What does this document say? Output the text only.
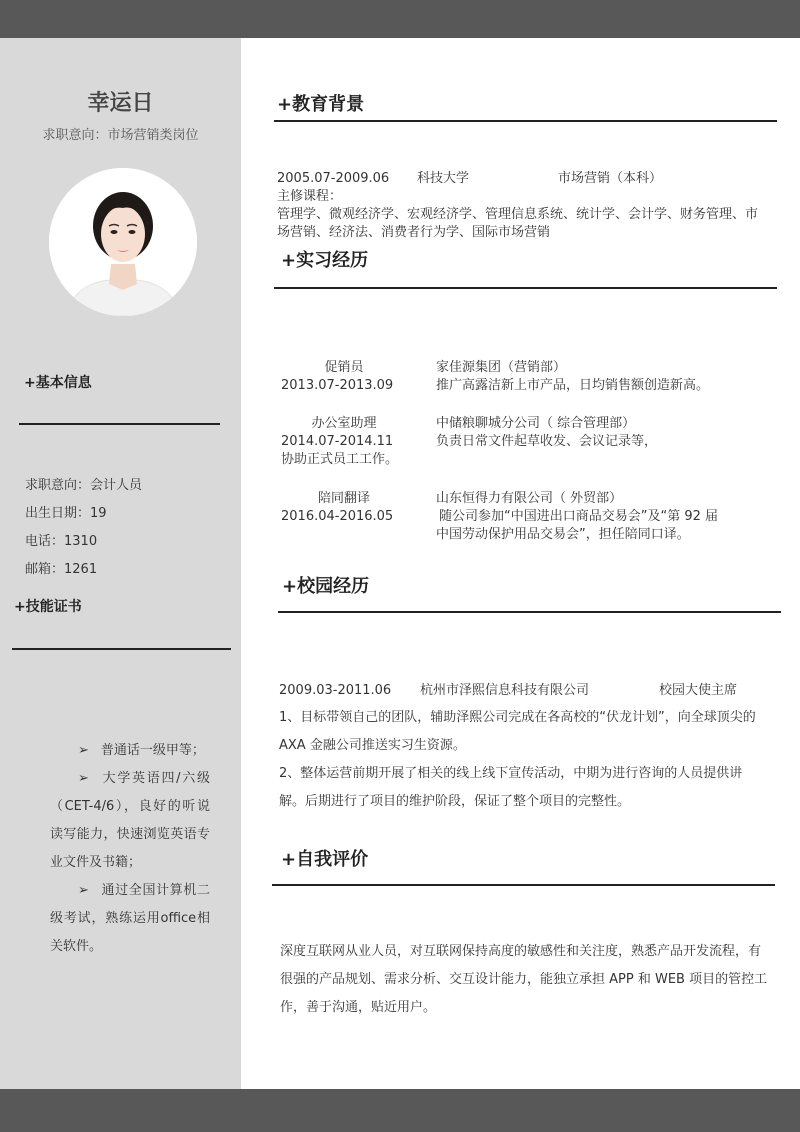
幸运日
求职意向：市场营销类岗位
+基本信息
求职意向：会计人员
出生日期：19
电话：1310
邮箱：1261
+技能证书

➢ 普通话一级甲等；

➢ 大学英语四/六级（CET-4/6），良好的听说读写能力，快速浏览英语专业文件及书籍；

➢ 通过全国计算机二级考试，熟练运用office相关软件。

+教育背景
2005.07-2009.06 科技大学	市场营销（本科）
主修课程：
管理学、微观经济学、宏观经济学、管理信息系统、统计学、会计学、财务管理、市场营销、经济法、消费者行为学、国际市场营销
+实习经历
促销员
2013.07-2013.09
家佳源集团（营销部）
推广高露洁新上市产品，日均销售额创造新高。
办公室助理
2014.07-2014.11
协助正式员工工作。
中储粮聊城分公司（ 综合管理部）
负责日常文件起草收发、会议记录等，
陪同翻译
2016.04-2016.05
山东恒得力有限公司（ 外贸部）
随公司参加“中国进出口商品交易会”及“第 92 届
中国劳动保护用品交易会”，担任陪同口译。
+校园经历
2009.03-2011.06 杭州市泽熙信息科技有限公司	校园大使主席
1、目标带领自己的团队，辅助泽熙公司完成在各高校的“伏龙计划”，向全球顶尖的 AXA 金融公司推送实习生资源。
2、整体运营前期开展了相关的线上线下宣传活动，中期为进行咨询的人员提供讲解。后期进行了项目的维护阶段，保证了整个项目的完整性。
+自我评价
深度互联网从业人员，对互联网保持高度的敏感性和关注度，熟悉产品开发流程，有很强的产品规划、需求分析、交互设计能力，能独立承担 APP 和 WEB 项目的管控工作，善于沟通，贴近用户。
